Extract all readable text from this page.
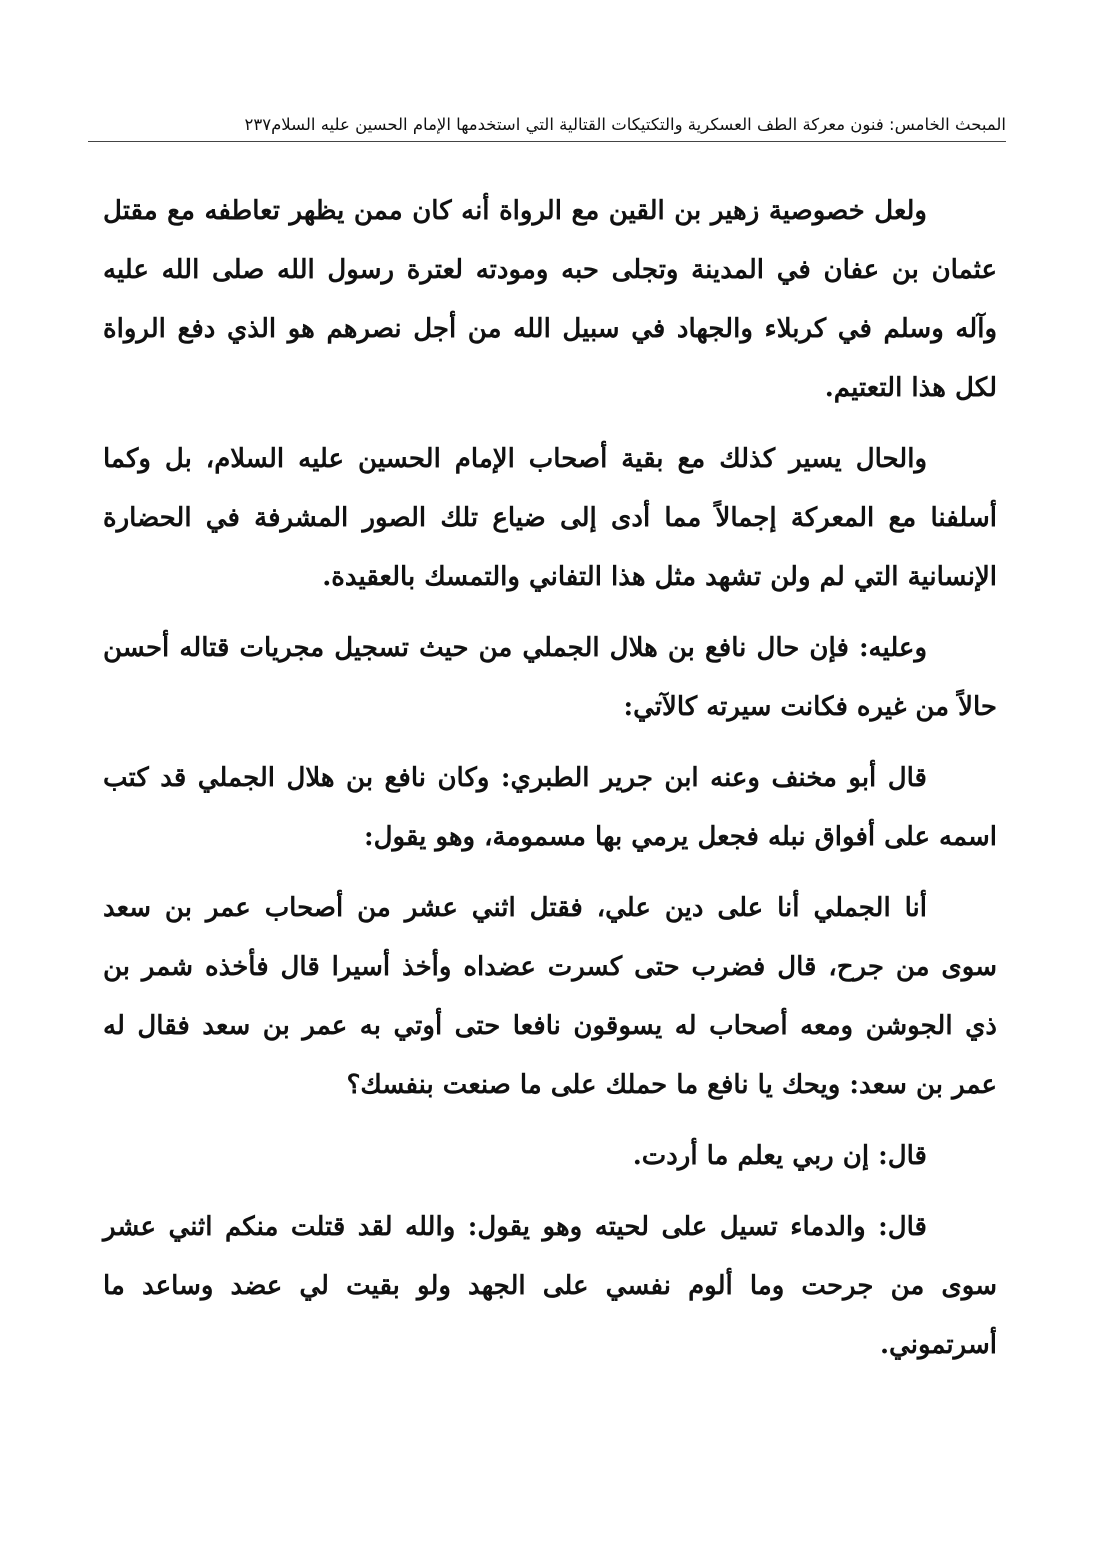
المبحث الخامس: فنون معركة الطف العسكرية والتكتيكات القتالية التي استخدمها الإمام الحسين عليه السلام٢٣٧

ولعل خصوصية زهير بن القين مع الرواة أنه كان ممن يظهر تعاطفه مع مقتل عثمان بن عفان في المدينة وتجلى حبه ومودته لعترة رسول الله صلى الله عليه وآله وسلم في كربلاء والجهاد في سبيل الله من أجل نصرهم هو الذي دفع الرواة لكل هذا التعتيم.

والحال يسير كذلك مع بقية أصحاب الإمام الحسين عليه السلام، بل وكما أسلفنا مع المعركة إجمالاً مما أدى إلى ضياع تلك الصور المشرفة في الحضارة الإنسانية التي لم ولن تشهد مثل هذا التفاني والتمسك بالعقيدة.

وعليه: فإن حال نافع بن هلال الجملي من حيث تسجيل مجريات قتاله أحسن حالاً من غيره فكانت سيرته كالآتي:

قال أبو مخنف وعنه ابن جرير الطبري: وكان نافع بن هلال الجملي قد كتب اسمه على أفواق نبله فجعل يرمي بها مسمومة، وهو يقول:

أنا الجملي أنا على دين علي، فقتل اثني عشر من أصحاب عمر بن سعد سوى من جرح، قال فضرب حتى كسرت عضداه وأخذ أسيرا قال فأخذه شمر بن ذي الجوشن ومعه أصحاب له يسوقون نافعا حتى أوتي به عمر بن سعد فقال له عمر بن سعد: ويحك يا نافع ما حملك على ما صنعت بنفسك؟

قال: إن ربي يعلم ما أردت.

قال: والدماء تسيل على لحيته وهو يقول: والله لقد قتلت منكم اثني عشر سوى من جرحت وما ألوم نفسي على الجهد ولو بقيت لي عضد وساعد ما أسرتموني.
